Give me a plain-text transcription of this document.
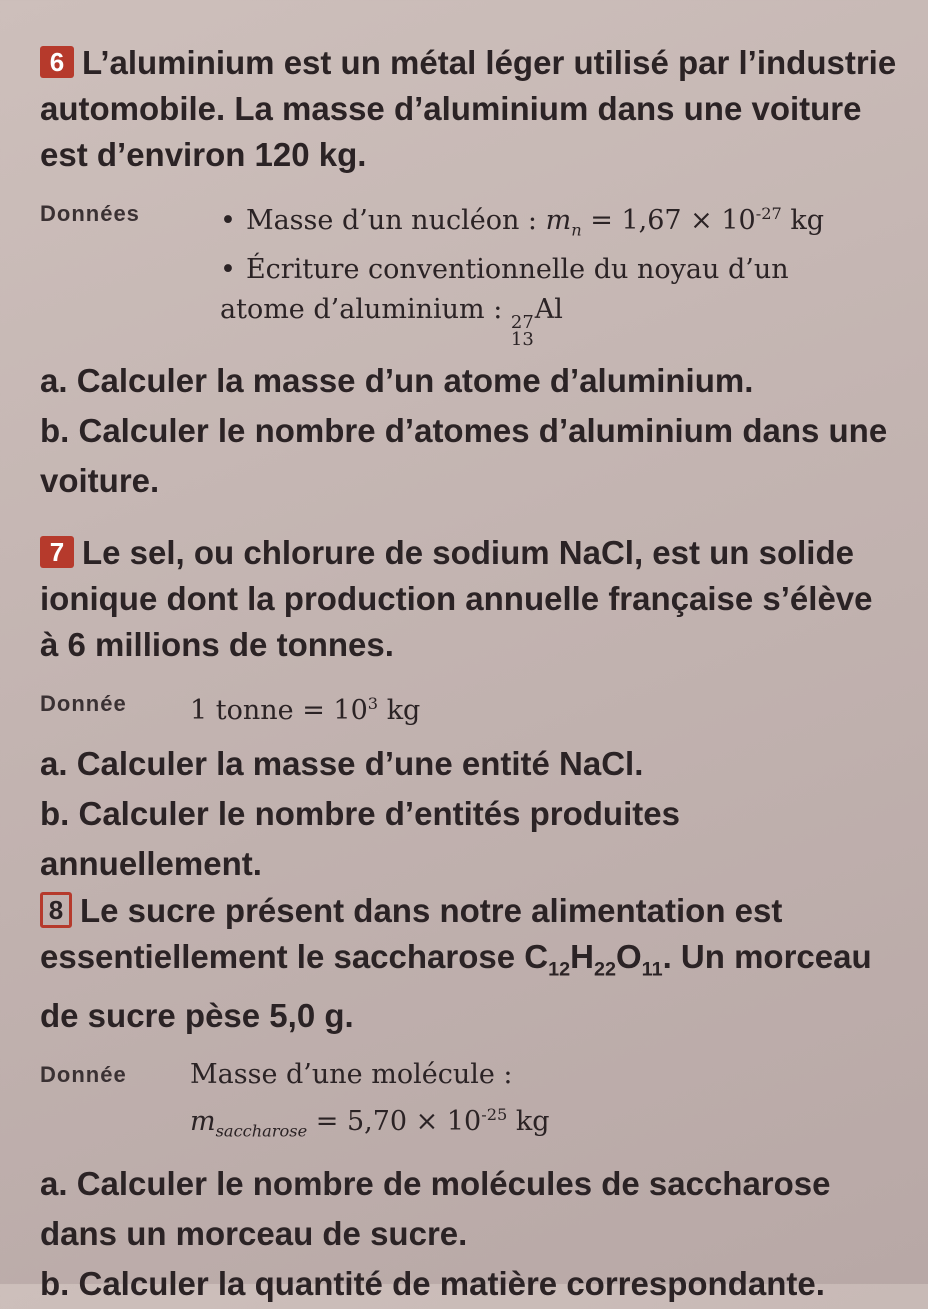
6 L’aluminium est un métal léger utilisé par l’industrie automobile. La masse d’aluminium dans une voiture est d’environ 120 kg.

Données•	Masse d’un nucléon : $m_n = 1,67 \times 10^{-27}$ kg
• Écriture conventionnelle du noyau d’un atome d’aluminium : 27
13
Al

a. Calculer la masse d’un atome d’aluminium.

b. Calculer le nombre d’atomes d’aluminium dans une voiture.

7 Le sel, ou chlorure de sodium NaCl, est un solide ionique dont la production annuelle française s’élève à 6 millions de tonnes.

Donnée 1 tonne = $10^3$ kg

a. Calculer la masse d’une entité NaCl.

b. Calculer le nombre d’entités produites annuellement.

8 Le sucre présent dans notre alimentation est essentiellement le saccharose $C_{12}H_{22}O_{11}$. Un morceau de sucre pèse 5,0 g.

Donnée Masse d’une molécule :
$m_{saccharose} = 5,70 \times 10^{-25}$ kg

a. Calculer le nombre de molécules de saccharose dans un morceau de sucre.

b. Calculer la quantité de matière correspondante.
